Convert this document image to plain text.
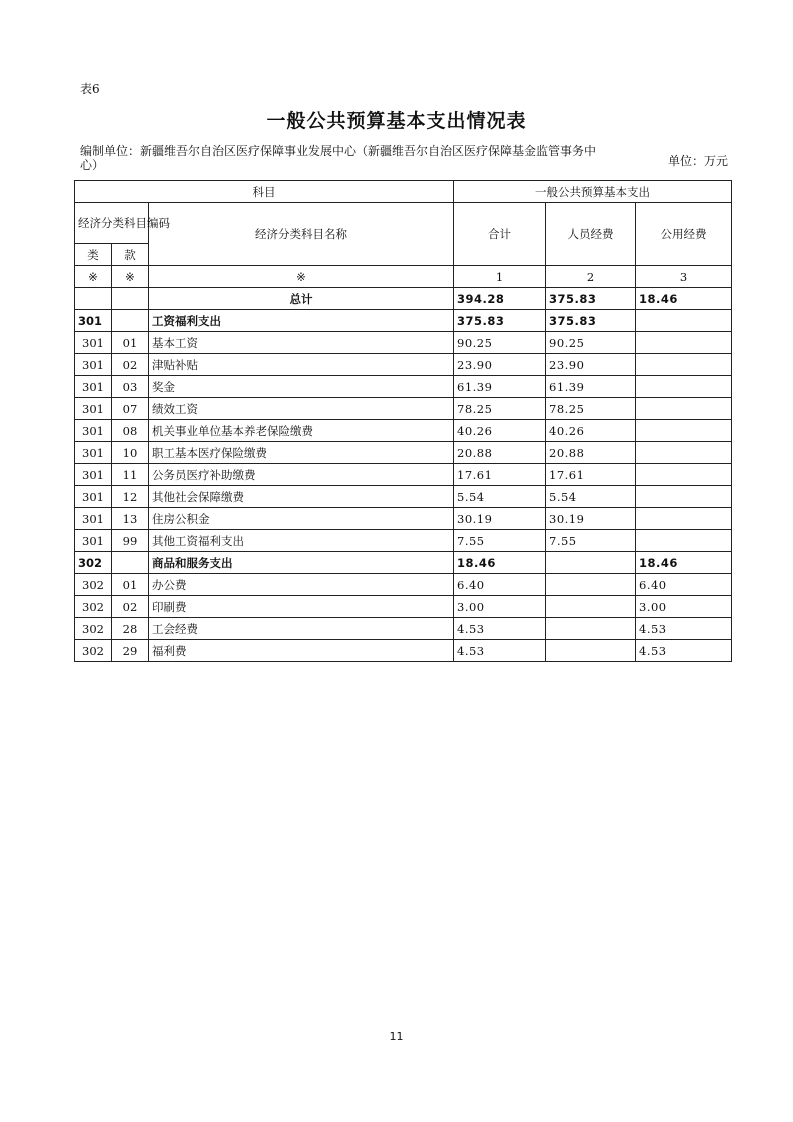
表6
一般公共预算基本支出情况表
编制单位：新疆维吾尔自治区医疗保障事业发展中心（新疆维吾尔自治区医疗保障基金监管事务中
心）	单位：万元
科目			一般公共预算基本支出		
经济分类科目编码		经济分类科目名称	合计	人员经费	公用经费
类	款				
※	※	※	1	2	3
		总计	394.28	375.83	18.46
301		工资福利支出	375.83	375.83	
301	01	基本工资	90.25	90.25	
301	02	津贴补贴	23.90	23.90	
301	03	奖金	61.39	61.39	
301	07	绩效工资	78.25	78.25	
301	08	机关事业单位基本养老保险缴费	40.26	40.26	
301	10	职工基本医疗保险缴费	20.88	20.88	
301	11	公务员医疗补助缴费	17.61	17.61	
301	12	其他社会保障缴费	5.54	5.54	
301	13	住房公积金	30.19	30.19	
301	99	其他工资福利支出	7.55	7.55	
302		商品和服务支出	18.46		18.46
302	01	办公费	6.40		6.40
302	02	印刷费	3.00		3.00
302	28	工会经费	4.53		4.53
302	29	福利费	4.53		4.53
11
